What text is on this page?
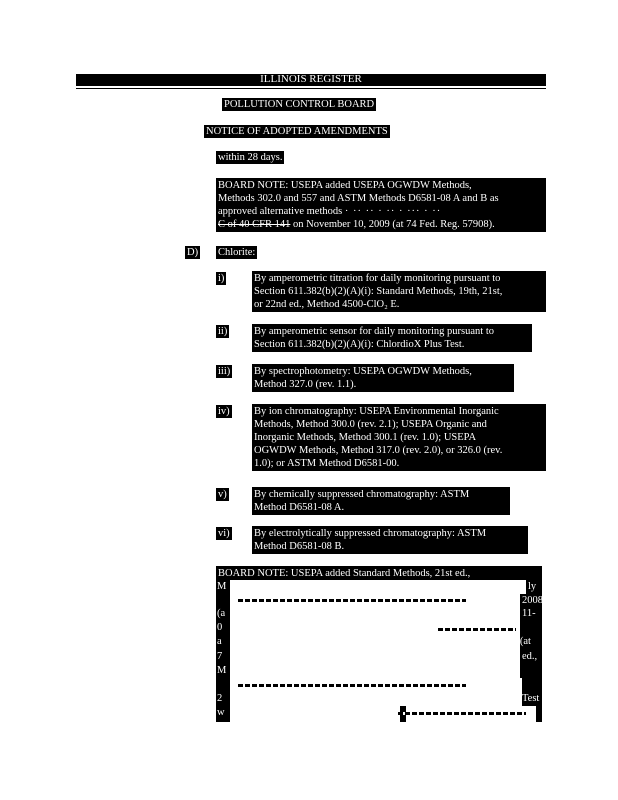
ILLINOIS REGISTER
POLLUTION CONTROL BOARD
NOTICE OF ADOPTED AMENDMENTS
within 28 days.
BOARD NOTE: USEPA added USEPA OGWDW Methods,
Methods 302.0 and 557 and ASTM Methods D6581-08 A and B as
approved alternative methods · ·· ·· · ·· · ··· · ··
C of 40 CFR 141 on November 10, 2009 (at 74 Fed. Reg. 57908).
D) Chlorite:
i)	By amperometric titration for daily monitoring pursuant to
Section 611.382(b)(2)(A)(i): Standard Methods, 19th, 21st,
or 22nd ed., Method 4500-ClO₂ E.
ii)	By amperometric sensor for daily monitoring pursuant to
Section 611.382(b)(2)(A)(i): ChlordioX Plus Test.
iii) By spectrophotometry: USEPA OGWDW Methods,
Method 327.0 (rev. 1.1).
iv) By ion chromatography: USEPA Environmental Inorganic
Methods, Method 300.0 (rev. 2.1); USEPA Organic and
Inorganic Methods, Method 300.1 (rev. 1.0); USEPA
OGWDW Methods, Method 317.0 (rev. 2.0), or 326.0 (rev.
1.0); or ASTM Method D6581-00.
v)	By chemically suppressed chromatography: ASTM
Method D6581-08 A.
vi) By electrolytically suppressed chromatography: ASTM
Method D6581-08 B.
BOARD NOTE: USEPA added Standard Methods, 21st ed.,
M	ly
(a
2008
0
11-
a	9 (at
7	ed.,
M
2	Test
w
